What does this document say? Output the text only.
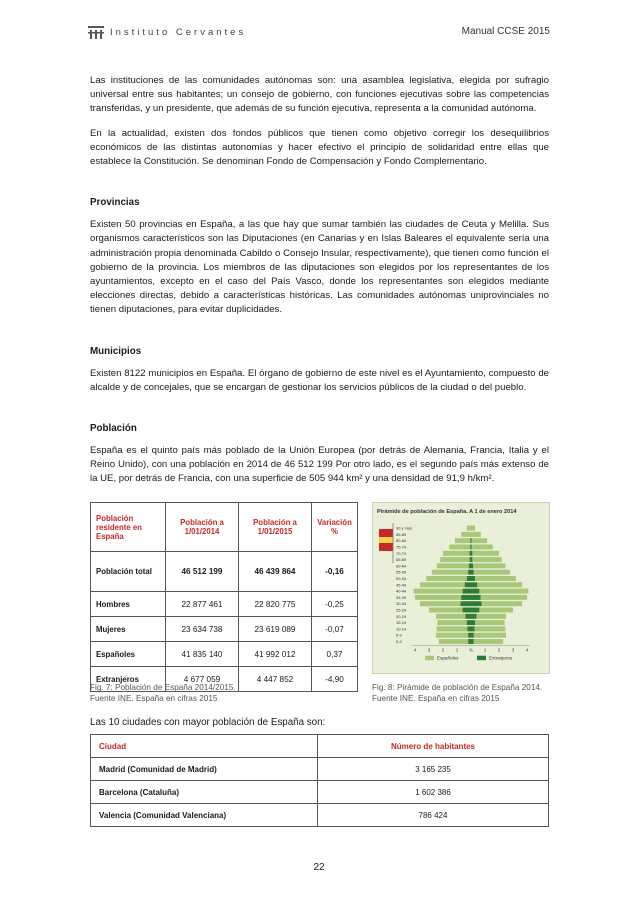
Instituto Cervantes	Manual CCSE 2015

Las instituciones de las comunidades autónomas son: una asamblea legislativa, elegida por sufragio universal entre sus habitantes; un consejo de gobierno, con funciones ejecutivas sobre las competencias transferidas, y un presidente, que además de su función ejecutiva, representa a la comunidad autónoma.

En la actualidad, existen dos fondos públicos que tienen como objetivo corregir los desequilibrios económicos de las distintas autonomías y hacer efectivo el principio de solidaridad entre ellas que establece la Constitución. Se denominan Fondo de Compensación y Fondo Complementario.

Provincias

Existen 50 provincias en España, a las que hay que sumar también las ciudades de Ceuta y Melilla. Sus organismos característicos son las Diputaciones (en Canarias y en Islas Baleares el equivalente sería una administración propia denominada Cabildo o Consejo Insular, respectivamente), que tienen como función el gobierno de la provincia. Los miembros de las diputaciones son elegidos por los representantes de los ayuntamientos, excepto en el caso del País Vasco, donde los representantes son elegidos mediante elecciones directas, debido a características históricas. Las comunidades autónomas uniprovinciales no tienen diputaciones, para evitar duplicidades.

Municipios

Existen 8122 municipios en España. El órgano de gobierno de este nivel es el Ayuntamiento, compuesto de alcalde y de concejales, que se encargan de gestionar los servicios públicos de la ciudad o del pueblo.

Población

España es el quinto país más poblado de la Unión Europea (por detrás de Alemania, Francia, Italia y el Reino Unido), con una población en 2014 de 46 512 199 Por otro lado, es el segundo país más extenso de la UE, por detrás de Francia, con una superficie de 505 944 km² y una densidad de 91,9 h/km².

Población residente en España	Población a 1/01/2014	Población a 1/01/2015	Variación %
Población total	46 512 199	46 439 864	-0,16
Hombres	22 877 461	22 820 775	-0,25
Mujeres	23 634 738	23 619 089	-0,07
Españoles	41 835 140	41 992 012	0,37
Extranjeros	4 677 059	4 447 852	-4,90
Pirámide de población de España. A 1 de enero 2014
90 y más
85-89
80-84
75-79
70-74
65-69
60-64
55-59
50-54
45-49
40-44
35-39
30-34
25-29
20-24
15-19
10-14
5-9
0-4
4	3	2	1	%	1	2	3	4
Españoles	Extranjeros
Fig. 7: Población de España 2014/2015.
Fuente INE. España en cifras 2015
Fig. 8: Pirámide de población de España 2014.
Fuente INE. España en cifras 2015
Las 10 ciudades con mayor población de España son:
Ciudad	Número de habitantes
Madrid (Comunidad de Madrid)	3 165 235
Barcelona (Cataluña)	1 602 386
Valencia (Comunidad Valenciana)	786 424
22
